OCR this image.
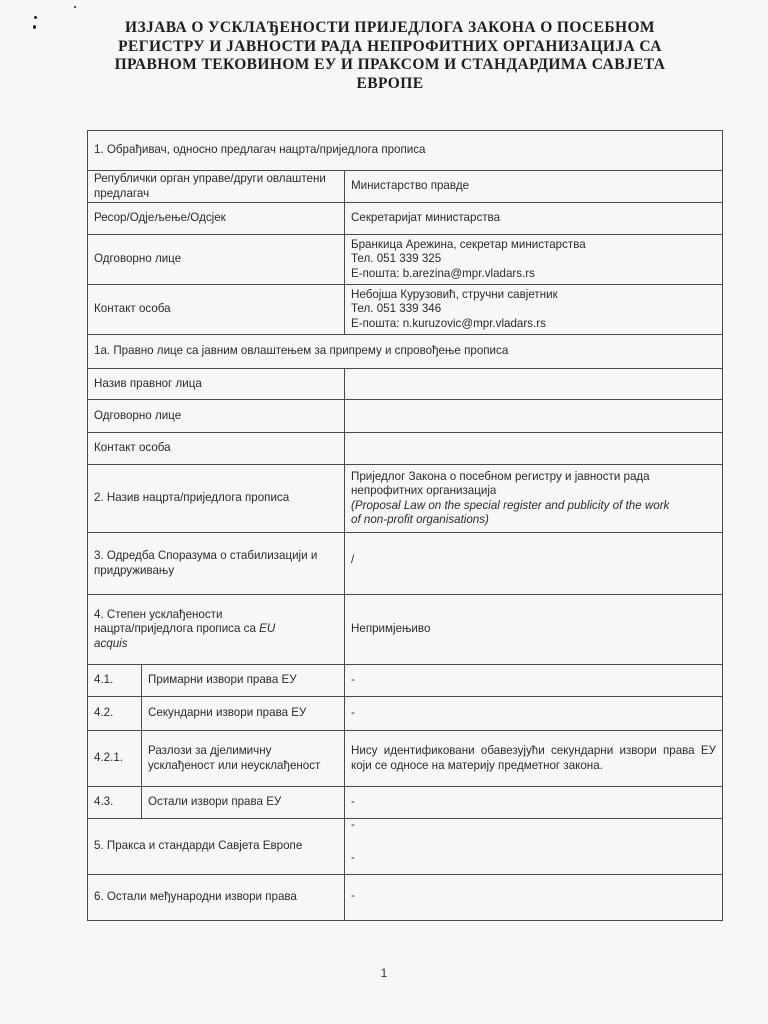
ИЗЈАВА О УСКЛАЂЕНОСТИ ПРИЈЕДЛОГА ЗАКОНА О ПОСЕБНОМ
РЕГИСТРУ И ЈАВНОСТИ РАДА НЕПРОФИТНИХ ОРГАНИЗАЦИЈА СА
ПРАВНОМ ТЕКОВИНОМ ЕУ И ПРАКСОМ И СТАНДАРДИМА САВЈЕТА
ЕВРОПЕ
1. Обрађивач, односно предлагач нацрта/приједлога прописа		
Републички орган управе/други овлаштени предлагач		Министарство правде
Ресор/Одјељење/Одсјек		Секретаријат министарства
Одговорно лице		Бранкица Арежина, секретар министарства
Тел. 051 339 325
Е-пошта: b.arezina@mpr.vladars.rs

Контакт особа		Небојша Курузовић, стручни савјетник
Тел. 051 339 346
Е-пошта: n.kuruzovic@mpr.vladars.rs

1а. Правно лице са јавним овлаштењем за припрему и спровођење прописа		
Назив правног лица		
Одговорно лице		
Контакт особа		
2. Назив нацрта/приједлога прописа		Приједлог Закона о посебном регистру и јавности рада
непрофитних организација
(Proposal Law on the special register and publicity of the work
of non-profit organisations)

3. Одредба Споразума о стабилизацији и придруживању		/

4. Степен усклађености
нацрта/приједлога прописа са EU
acquis		Непримјењиво
4.1.	Примарни извори права ЕУ	-
4.2.	Секундарни извори права ЕУ	-
4.2.1.	Разлози за дјелимичну усклађеност или неусклађеност	Нису идентификовани обавезујући секундарни извори права ЕУ који се односе на материју предметног закона.
4.3.	Остали извори права ЕУ	-
5. Пракса и стандарди Савјета Европе		-
-

6. Остали међународни извори права		-
1
